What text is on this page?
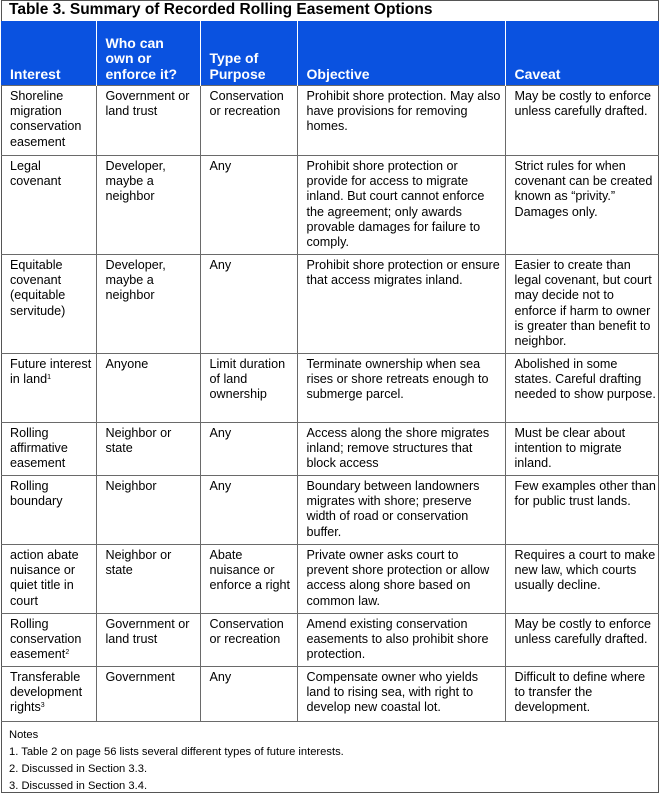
Table 3. Summary of Recorded Rolling Easement Options
Interest	Who can own or enforce it?	Type of Purpose	Objective	Caveat
Shoreline migration conservation easement	Government or land trust	Conservation or recreation	Prohibit shore protection. May also have provisions for removing homes.	May be costly to enforce unless carefully drafted.
Legal covenant	Developer, maybe a neighbor	Any	Prohibit shore protection or provide for access to migrate inland. But court cannot enforce the agreement; only awards provable damages for failure to comply.	Strict rules for when covenant can be created known as “privity.” Damages only.
Equitable covenant (equitable servitude)	Developer, maybe a neighbor	Any	Prohibit shore protection or ensure that access migrates inland.	Easier to create than legal covenant, but court may decide not to enforce if harm to owner is greater than benefit to neighbor.
Future interest in land$^1$	Anyone	Limit duration of land ownership	Terminate ownership when sea rises or shore retreats enough to submerge parcel.	Abolished in some states. Careful drafting needed to show purpose.
Rolling affirmative easement	Neighbor or state	Any	Access along the shore migrates inland; remove structures that block access	Must be clear about intention to migrate inland.
Rolling boundary	Neighbor	Any	Boundary between landowners migrates with shore; preserve width of road or conservation buffer.	Few examples other than for public trust lands.
action abate nuisance or quiet title in court	Neighbor or state	Abate nuisance or enforce a right	Private owner asks court to prevent shore protection or allow access along shore based on common law.	Requires a court to make new law, which courts usually decline.
Rolling conservation easement$^2$	Government or land trust	Conservation or recreation	Amend existing conservation easements to also prohibit shore protection.	May be costly to enforce unless carefully drafted.
Transferable development rights$^3$	Government	Any	Compensate owner who yields land to rising sea, with right to develop new coastal lot.	Difficult to define where to transfer the development.
Notes
1. Table 2 on page 56 lists several different types of future interests.
2. Discussed in Section 3.3.
3. Discussed in Section 3.4.
